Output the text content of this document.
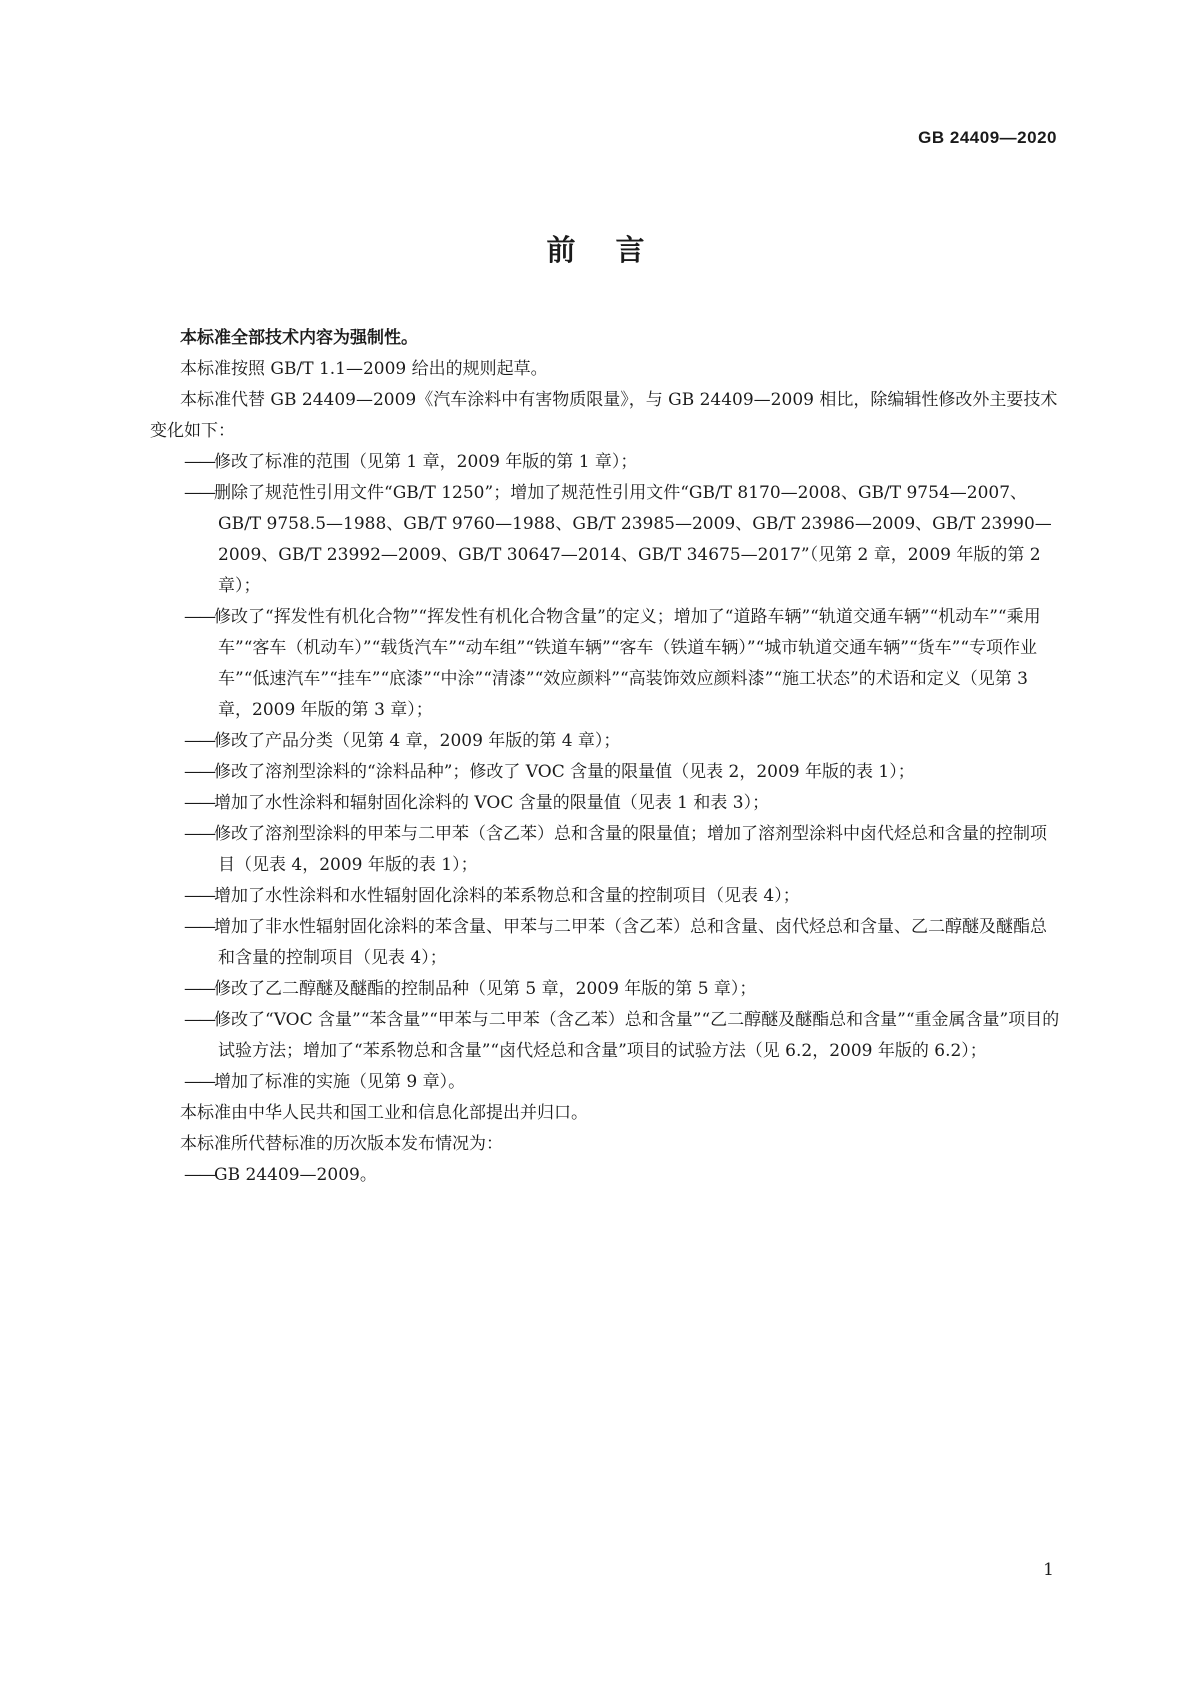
GB 24409—2020
前言

本标准全部技术内容为强制性。

本标准按照 GB/T 1.1—2009 给出的规则起草。

本标准代替 GB 24409—2009《汽车涂料中有害物质限量》，与 GB 24409—2009 相比，除编辑性修改外主要技术变化如下：

——修改了标准的范围（见第 1 章，2009 年版的第 1 章）；

——删除了规范性引用文件“GB/T 1250”；增加了规范性引用文件“GB/T 8170—2008、GB/T 9754—2007、GB/T 9758.5—1988、GB/T 9760—1988、GB/T 23985—2009、GB/T 23986—2009、GB/T 23990—2009、GB/T 23992—2009、GB/T 30647—2014、GB/T 34675—2017”（见第 2 章，2009 年版的第 2 章）；

——修改了“挥发性有机化合物”“挥发性有机化合物含量”的定义；增加了“道路车辆”“轨道交通车辆”“机动车”“乘用车”“客车（机动车）”“载货汽车”“动车组”“铁道车辆”“客车（铁道车辆）”“城市轨道交通车辆”“货车”“专项作业车”“低速汽车”“挂车”“底漆”“中涂”“清漆”“效应颜料”“高装饰效应颜料漆”“施工状态”的术语和定义（见第 3 章，2009 年版的第 3 章）；

——修改了产品分类（见第 4 章，2009 年版的第 4 章）；

——修改了溶剂型涂料的“涂料品种”；修改了 VOC 含量的限量值（见表 2，2009 年版的表 1）；

——增加了水性涂料和辐射固化涂料的 VOC 含量的限量值（见表 1 和表 3）；

——修改了溶剂型涂料的甲苯与二甲苯（含乙苯）总和含量的限量值；增加了溶剂型涂料中卤代烃总和含量的控制项目（见表 4，2009 年版的表 1）；

——增加了水性涂料和水性辐射固化涂料的苯系物总和含量的控制项目（见表 4）；

——增加了非水性辐射固化涂料的苯含量、甲苯与二甲苯（含乙苯）总和含量、卤代烃总和含量、乙二醇醚及醚酯总和含量的控制项目（见表 4）；

——修改了乙二醇醚及醚酯的控制品种（见第 5 章，2009 年版的第 5 章）；

——修改了“VOC 含量”“苯含量”“甲苯与二甲苯（含乙苯）总和含量”“乙二醇醚及醚酯总和含量”“重金属含量”项目的试验方法；增加了“苯系物总和含量”“卤代烃总和含量”项目的试验方法（见 6.2，2009 年版的 6.2）；

——增加了标准的实施（见第 9 章）。

本标准由中华人民共和国工业和信息化部提出并归口。

本标准所代替标准的历次版本发布情况为：

——GB 24409—2009。

1
